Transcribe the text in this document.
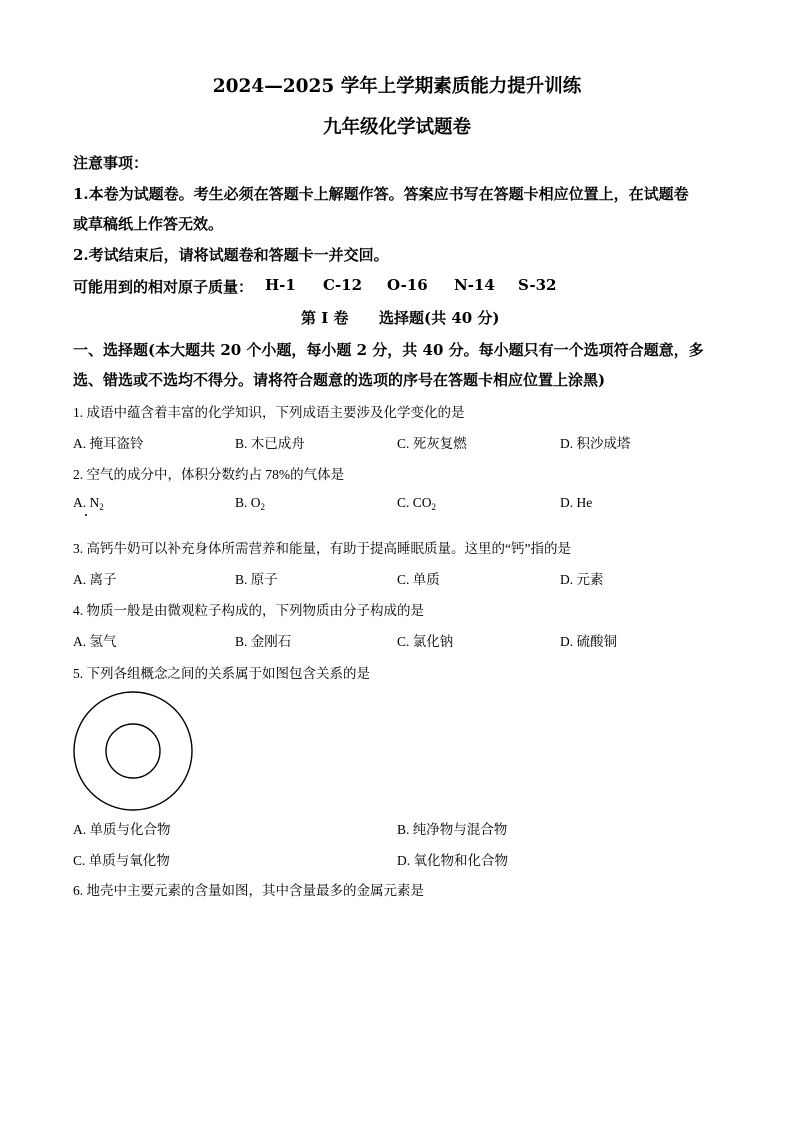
2024—2025 学年上学期素质能力提升训练
九年级化学试题卷
注意事项：
1.本卷为试题卷。考生必须在答题卡上解题作答。答案应书写在答题卡相应位置上，在试题卷
或草稿纸上作答无效。
2.考试结束后，请将试题卷和答题卡一并交回。
可能用到的相对原子质量： H-1 C-12 O-16 N-14 S-32
第 I 卷 选择题(共 40 分)
一、选择题(本大题共 20 个小题，每小题 2 分，共 40 分。每小题只有一个选项符合题意，多
选、错选或不选均不得分。请将符合题意的选项的序号在答题卡相应位置上涂黑)
1. 成语中蕴含着丰富的化学知识，下列成语主要涉及化学变化的是
A. 掩耳盗铃	B. 木已成舟	C. 死灰复燃	D. 积沙成塔
2. 空气的成分中，体积分数约占 78%的气体是
A. $N_2$	B. $O_2$	C. $CO_2$	D. He
3. 高钙牛奶可以补充身体所需营养和能量，有助于提高睡眠质量。这里的“钙”指的是
A. 离子	B. 原子	C. 单质	D. 元素
4. 物质一般是由微观粒子构成的，下列物质由分子构成的是
A. 氢气	B. 金刚石	C. 氯化钠	D. 硫酸铜
5. 下列各组概念之间的关系属于如图包含关系的是
A. 单质与化合物	B. 纯净物与混合物
C. 单质与氧化物	D. 氧化物和化合物
6. 地壳中主要元素的含量如图，其中含量最多的金属元素是
